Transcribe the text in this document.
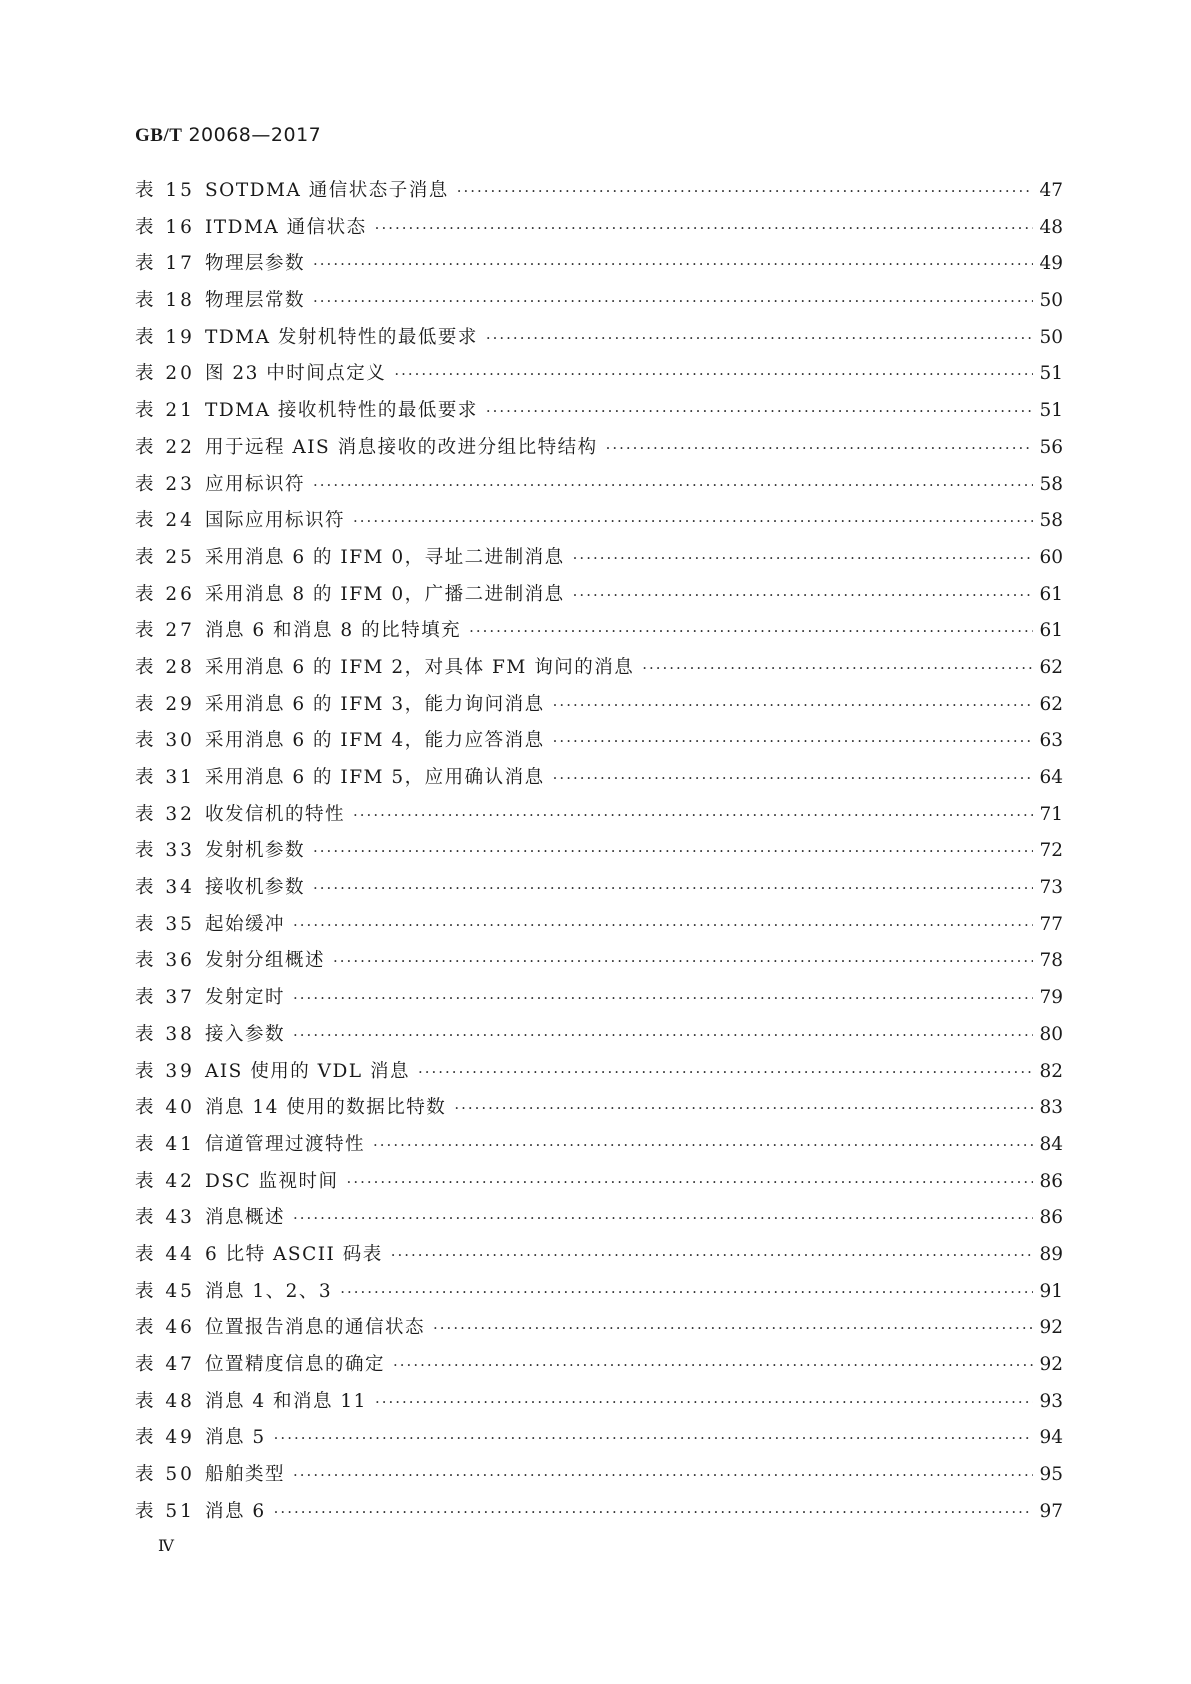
GB/T 20068—2017
表 15 SOTDMA 通信状态子消息 ·····	47
表 16 ITDMA 通信状态 ·····	48
表 17 物理层参数 ·····	49
表 18 物理层常数 ·····	50
表 19 TDMA 发射机特性的最低要求 ·····	50
表 20 图 23 中时间点定义 ·····	51
表 21 TDMA 接收机特性的最低要求 ·····	51
表 22 用于远程 AIS 消息接收的改进分组比特结构 ·····	56
表 23 应用标识符 ·····	58
表 24 国际应用标识符 ·····	58
表 25 采用消息 6 的 IFM 0，寻址二进制消息 ·····	60
表 26 采用消息 8 的 IFM 0，广播二进制消息 ·····	61
表 27 消息 6 和消息 8 的比特填充 ·····	61
表 28 采用消息 6 的 IFM 2，对具体 FM 询问的消息 ·····	62
表 29 采用消息 6 的 IFM 3，能力询问消息 ·····	62
表 30 采用消息 6 的 IFM 4，能力应答消息 ·····	63
表 31 采用消息 6 的 IFM 5，应用确认消息 ·····	64
表 32 收发信机的特性 ·····	71
表 33 发射机参数 ·····	72
表 34 接收机参数 ·····	73
表 35 起始缓冲 ·····	77
表 36 发射分组概述 ·····	78
表 37 发射定时 ·····	79
表 38 接入参数 ·····	80
表 39 AIS 使用的 VDL 消息 ·····	82
表 40 消息 14 使用的数据比特数 ·····	83
表 41 信道管理过渡特性 ·····	84
表 42 DSC 监视时间 ·····	86
表 43 消息概述 ·····	86
表 44 6 比特 ASCII 码表 ·····	89
表 45 消息 1、2、3 ·····	91
表 46 位置报告消息的通信状态 ·····	92
表 47 位置精度信息的确定 ·····	92
表 48 消息 4 和消息 11 ·····	93
表 49 消息 5 ·····	94
表 50 船舶类型 ·····	95
表 51 消息 6 ·····	97
Ⅳ
